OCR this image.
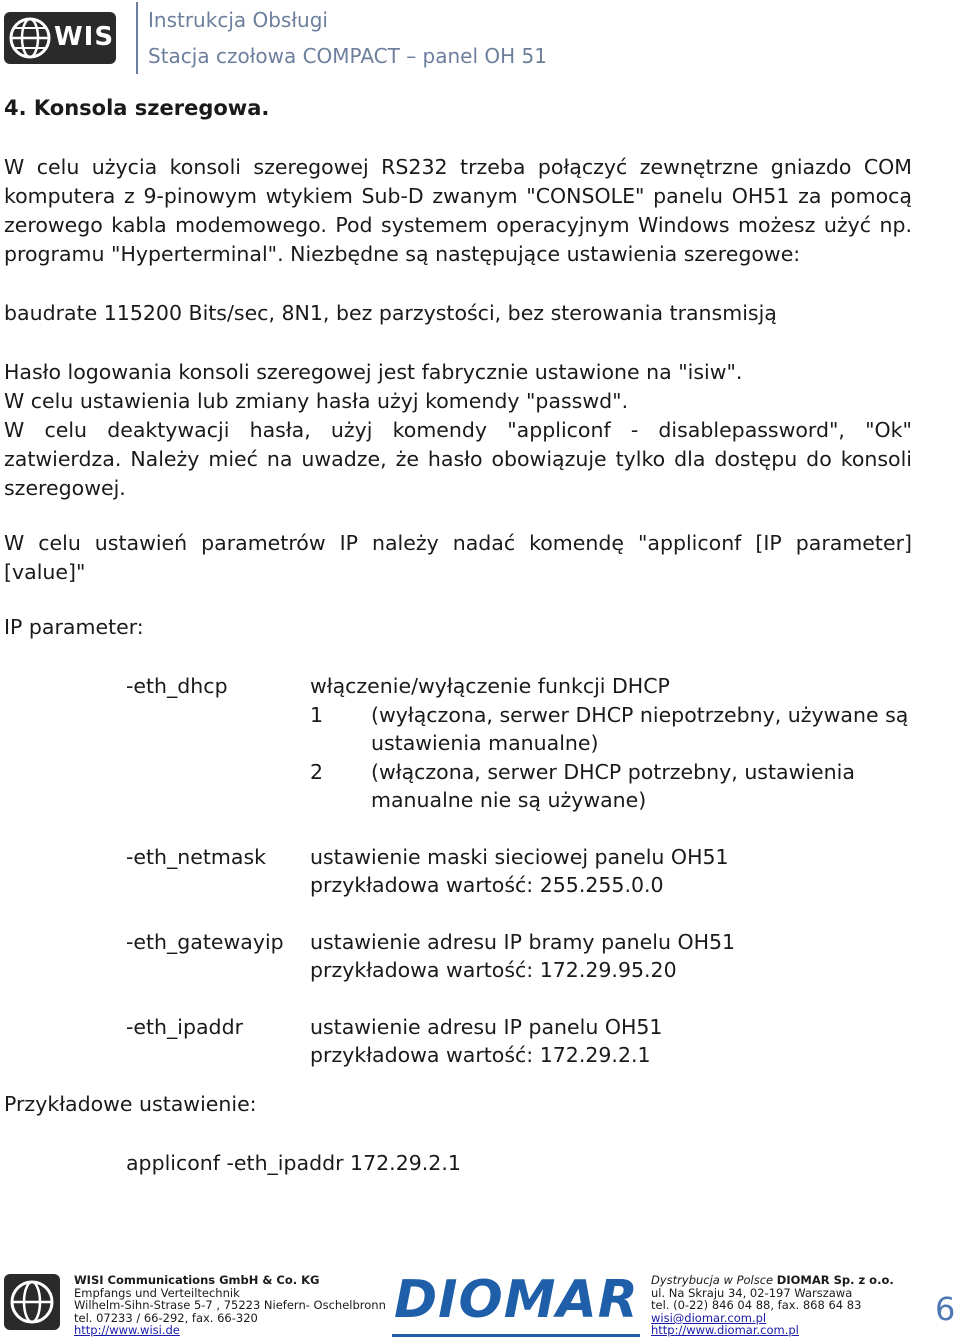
WISI
Instrukcja Obsługi
Stacja czołowa COMPACT – panel OH 51

4. Konsola szeregowa.

W celu użycia konsoli szeregowej RS232 trzeba połączyć zewnętrzne gniazdo COM komputera z 9-pinowym wtykiem Sub-D zwanym "CONSOLE" panelu OH51 za pomocą zerowego kabla modemowego. Pod systemem operacyjnym Windows możesz użyć np. programu "Hyperterminal". Niezbędne są następujące ustawienia szeregowe:

baudrate 115200 Bits/sec, 8N1, bez parzystości, bez sterowania transmisją

Hasło logowania konsoli szeregowej jest fabrycznie ustawione na "isiw".

W celu ustawienia lub zmiany hasła użyj komendy "passwd".

W celu deaktywacji hasła, użyj komendy "appliconf - disablepassword", "Ok" zatwierdza. Należy mieć na uwadze, że hasło obowiązuje tylko dla dostępu do konsoli szeregowej.

W celu ustawień parametrów IP należy nadać komendę "appliconf [IP parameter] [value]"

IP parameter:

-eth_dhcp	włączenie/wyłączenie funkcji DHCP
1	(wyłączona, serwer DHCP niepotrzebny, używane są ustawienia manualne)
2	(włączona, serwer DHCP potrzebny, ustawienia manualne nie są używane)
-eth_netmask	ustawienie maski sieciowej panelu OH51
przykładowa wartość: 255.255.0.0
-eth_gatewayip	ustawienie adresu IP bramy panelu OH51
przykładowa wartość: 172.29.95.20
-eth_ipaddr	ustawienie adresu IP panelu OH51
przykładowa wartość: 172.29.2.1

Przykładowe ustawienie:

appliconf -eth_ipaddr 172.29.2.1
WISI Communications GmbH & Co. KG
Empfangs und Verteiltechnik
Wilhelm-Sihn-Strase 5-7 , 75223 Niefern- Oschelbronn
tel. 07233 / 66-292, fax. 66-320
http://www.wisi.de
DIOMAR Dystrybucja w Polsce DIOMAR Sp. z o.o.
ul. Na Skraju 34, 02-197 Warszawa
tel. (0-22) 846 04 88, fax. 868 64 83
wisi@diomar.com.pl
http://www.diomar.com.pl
6
